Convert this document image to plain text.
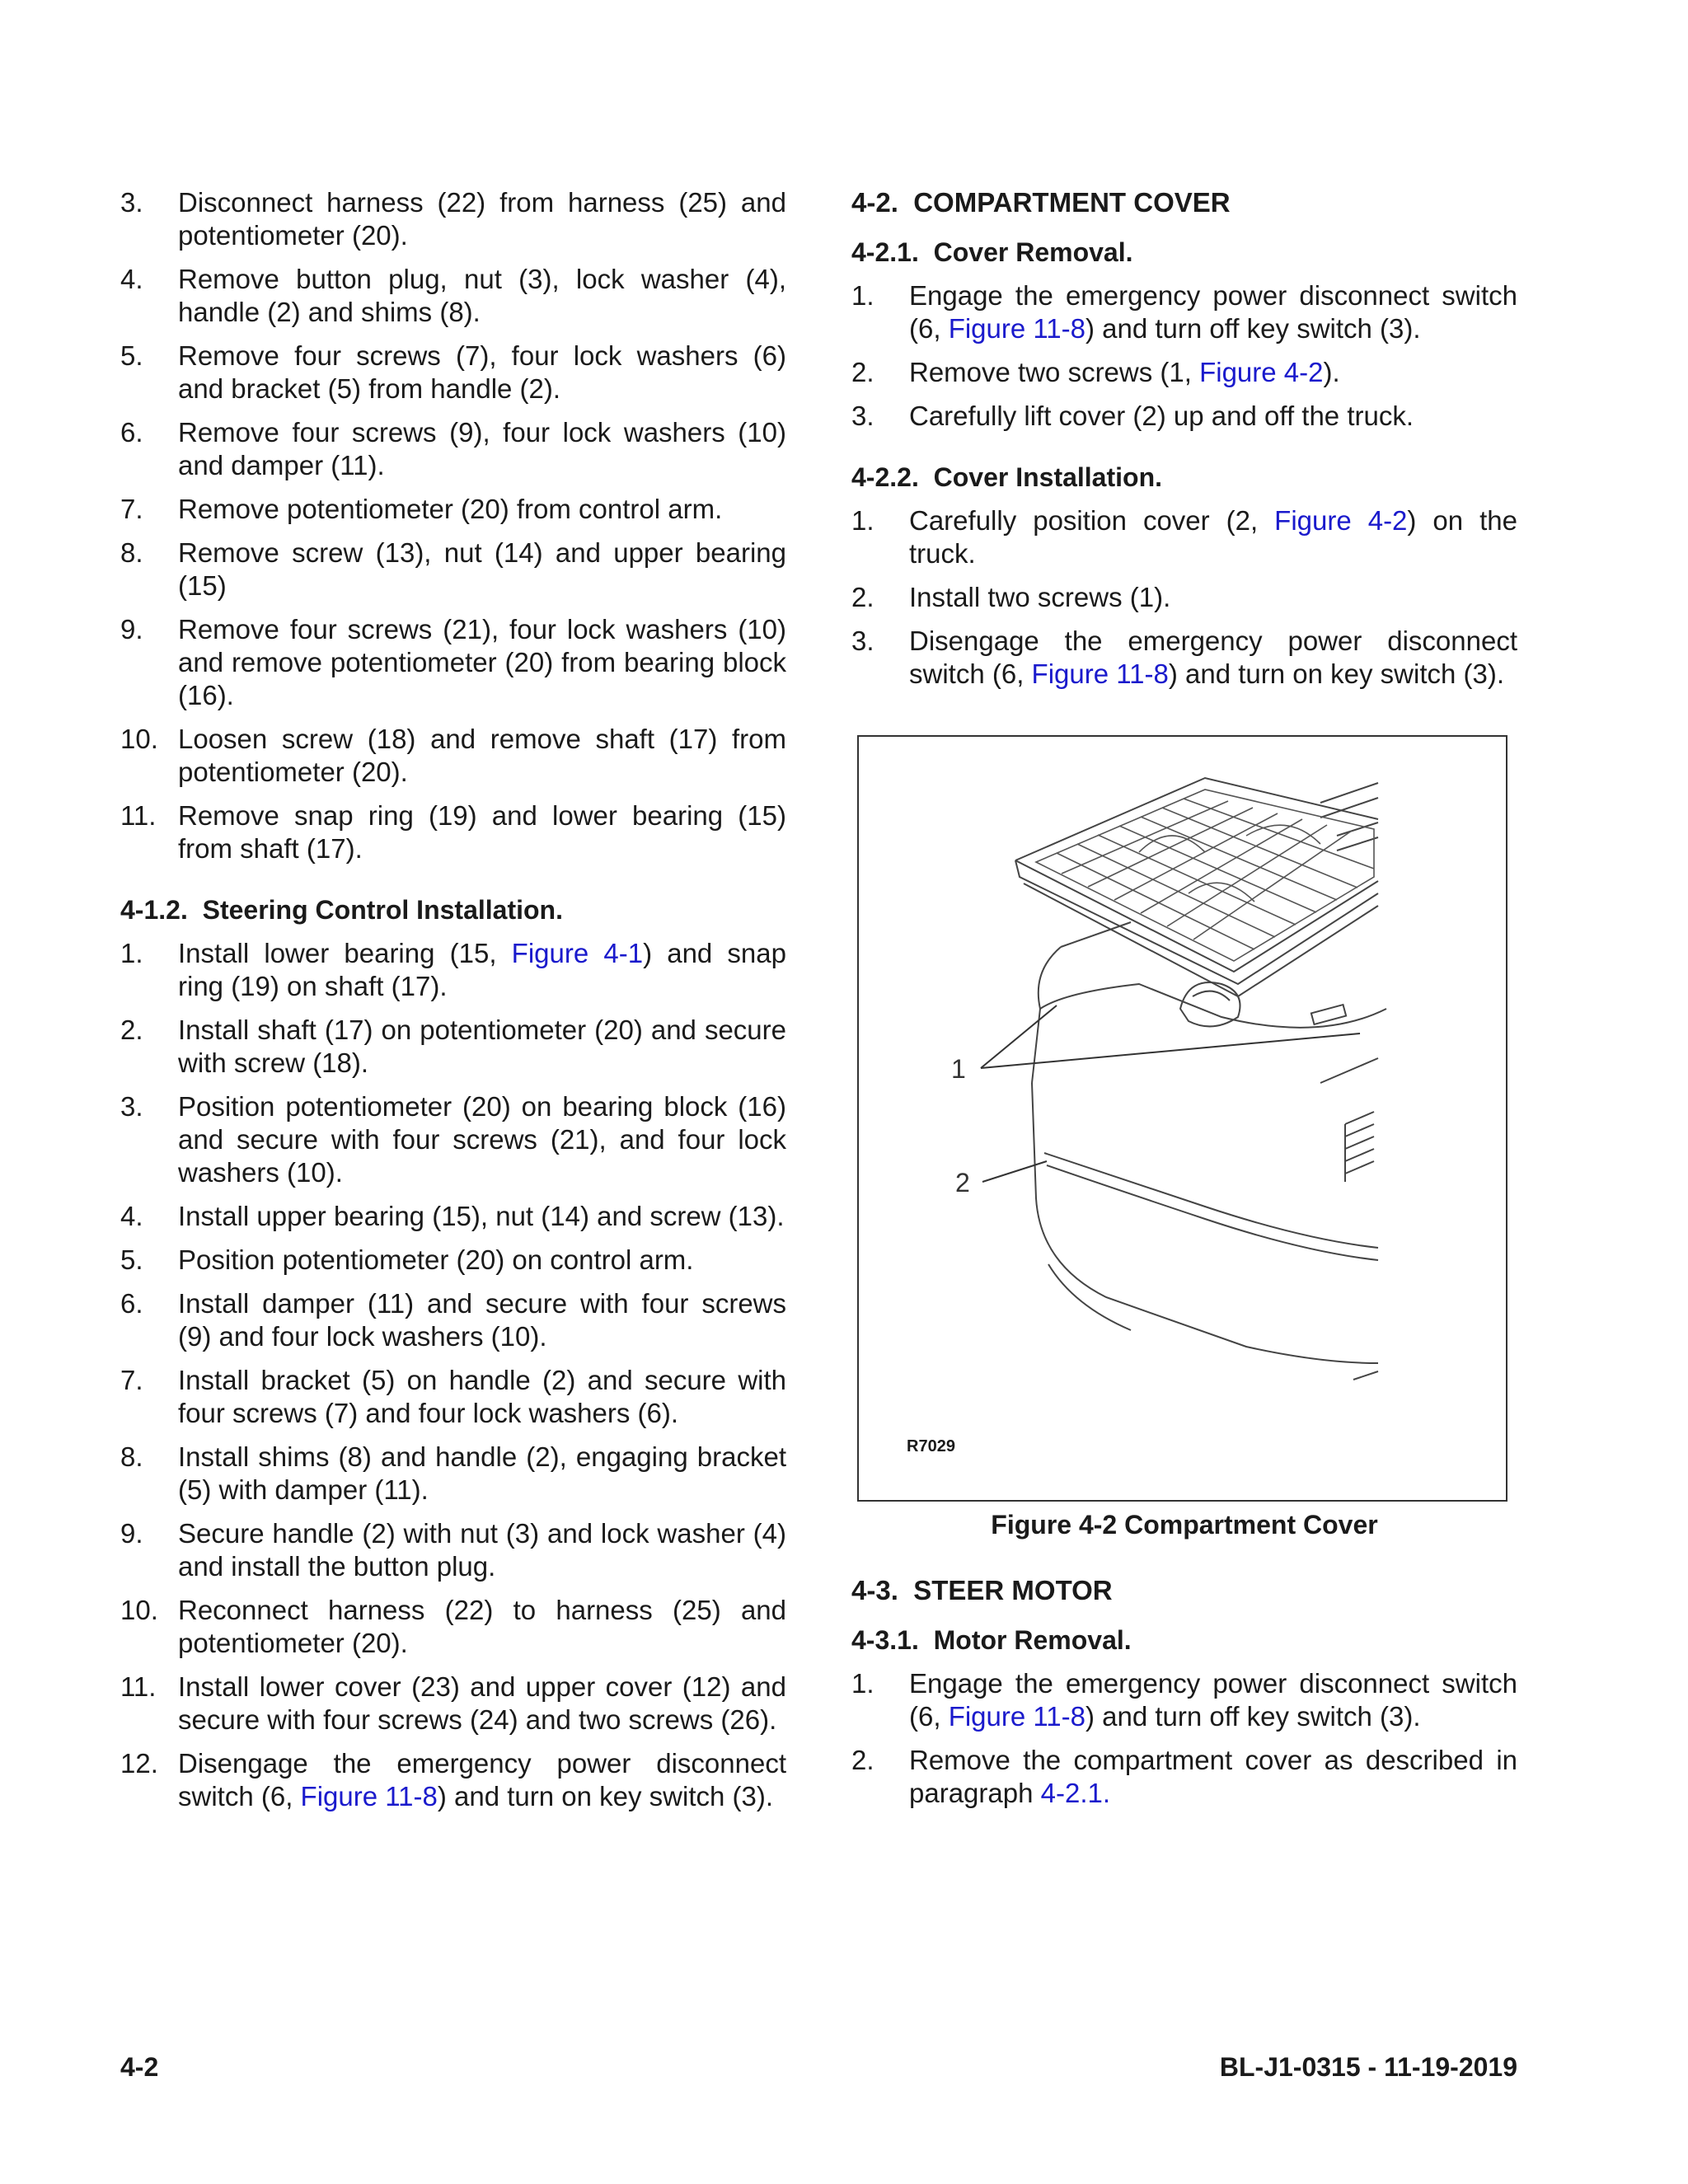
3. Disconnect harness (22) from harness (25) and potentiometer (20).
4. Remove button plug, nut (3), lock washer (4), handle (2) and shims (8).
5. Remove four screws (7), four lock washers (6) and bracket (5) from handle (2).
6. Remove four screws (9), four lock washers (10) and damper (11).
7. Remove potentiometer (20) from control arm.
8. Remove screw (13), nut (14) and upper bearing (15)
9. Remove four screws (21), four lock washers (10) and remove potentiometer (20) from bearing block (16).
10. Loosen screw (18) and remove shaft (17) from potentiometer (20).
11. Remove snap ring (19) and lower bearing (15) from shaft (17).
4-1.2. Steering Control Installation.
1. Install lower bearing (15, Figure 4-1) and snap ring (19) on shaft (17).
2. Install shaft (17) on potentiometer (20) and secure with screw (18).
3. Position potentiometer (20) on bearing block (16) and secure with four screws (21), and four lock washers (10).
4. Install upper bearing (15), nut (14) and screw (13).
5. Position potentiometer (20) on control arm.
6. Install damper (11) and secure with four screws (9) and four lock washers (10).
7. Install bracket (5) on handle (2) and secure with four screws (7) and four lock washers (6).
8. Install shims (8) and handle (2), engaging bracket (5) with damper (11).
9. Secure handle (2) with nut (3) and lock washer (4) and install the button plug.
10. Reconnect harness (22) to harness (25) and potentiometer (20).
11. Install lower cover (23) and upper cover (12) and secure with four screws (24) and two screws (26).
12. Disengage the emergency power disconnect switch (6, Figure 11-8) and turn on key switch (3).
4-2. COMPARTMENT COVER
4-2.1. Cover Removal.
1. Engage the emergency power disconnect switch (6, Figure 11-8) and turn off key switch (3).
2. Remove two screws (1, Figure 4-2).
3. Carefully lift cover (2) up and off the truck.
4-2.2. Cover Installation.
1. Carefully position cover (2, Figure 4-2) on the truck.
2. Install two screws (1).
3. Disengage the emergency power disconnect switch (6, Figure 11-8) and turn on key switch (3).
1
2
R7029
Figure 4-2 Compartment Cover
4-3. STEER MOTOR
4-3.1. Motor Removal.
1. Engage the emergency power disconnect switch (6, Figure 11-8) and turn off key switch (3).
2. Remove the compartment cover as described in paragraph 4-2.1.
4-2	BL-J1-0315 - 11-19-2019
